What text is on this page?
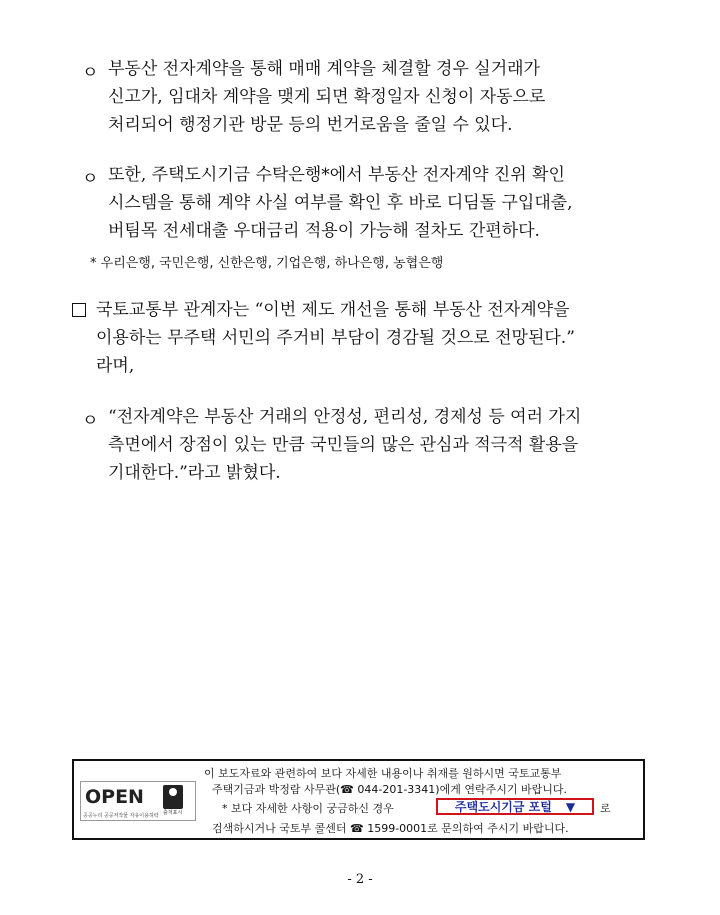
ㅇ 부동산 전자계약을 통해 매매 계약을 체결할 경우 실거래가
신고가, 임대차 계약을 맺게 되면 확정일자 신청이 자동으로
처리되어 행정기관 방문 등의 번거로움을 줄일 수 있다.
ㅇ 또한, 주택도시기금 수탁은행*에서 부동산 전자계약 진위 확인
시스템을 통해 계약 사실 여부를 확인 후 바로 디딤돌 구입대출,
버팀목 전세대출 우대금리 적용이 가능해 절차도 간편하다.
* 우리은행, 국민은행, 신한은행, 기업은행, 하나은행, 농협은행
국토교통부 관계자는 “이번 제도 개선을 통해 부동산 전자계약을
이용하는 무주택 서민의 주거비 부담이 경감될 것으로 전망된다.”
라며,
ㅇ “전자계약은 부동산 거래의 안정성, 편리성, 경제성 등 여러 가지
측면에서 장점이 있는 만큼 국민들의 많은 관심과 적극적 활용을
기대한다.”라고 밝혔다.
OPEN
출처표시
공공누리 공공저작물 자유이용허락
이 보도자료와 관련하여 보다 자세한 내용이나 취재를 원하시면 국토교통부
주택기금과 박정람 사무관(☎ 044-201-3341)에게 연락주시기 바랍니다.
* 보다 자세한 사항이 궁금하신 경우	주택도시기금 포털 ▼ 로
검색하시거나 국토부 콜센터 ☎ 1599-0001로 문의하여 주시기 바랍니다.
- 2 -
